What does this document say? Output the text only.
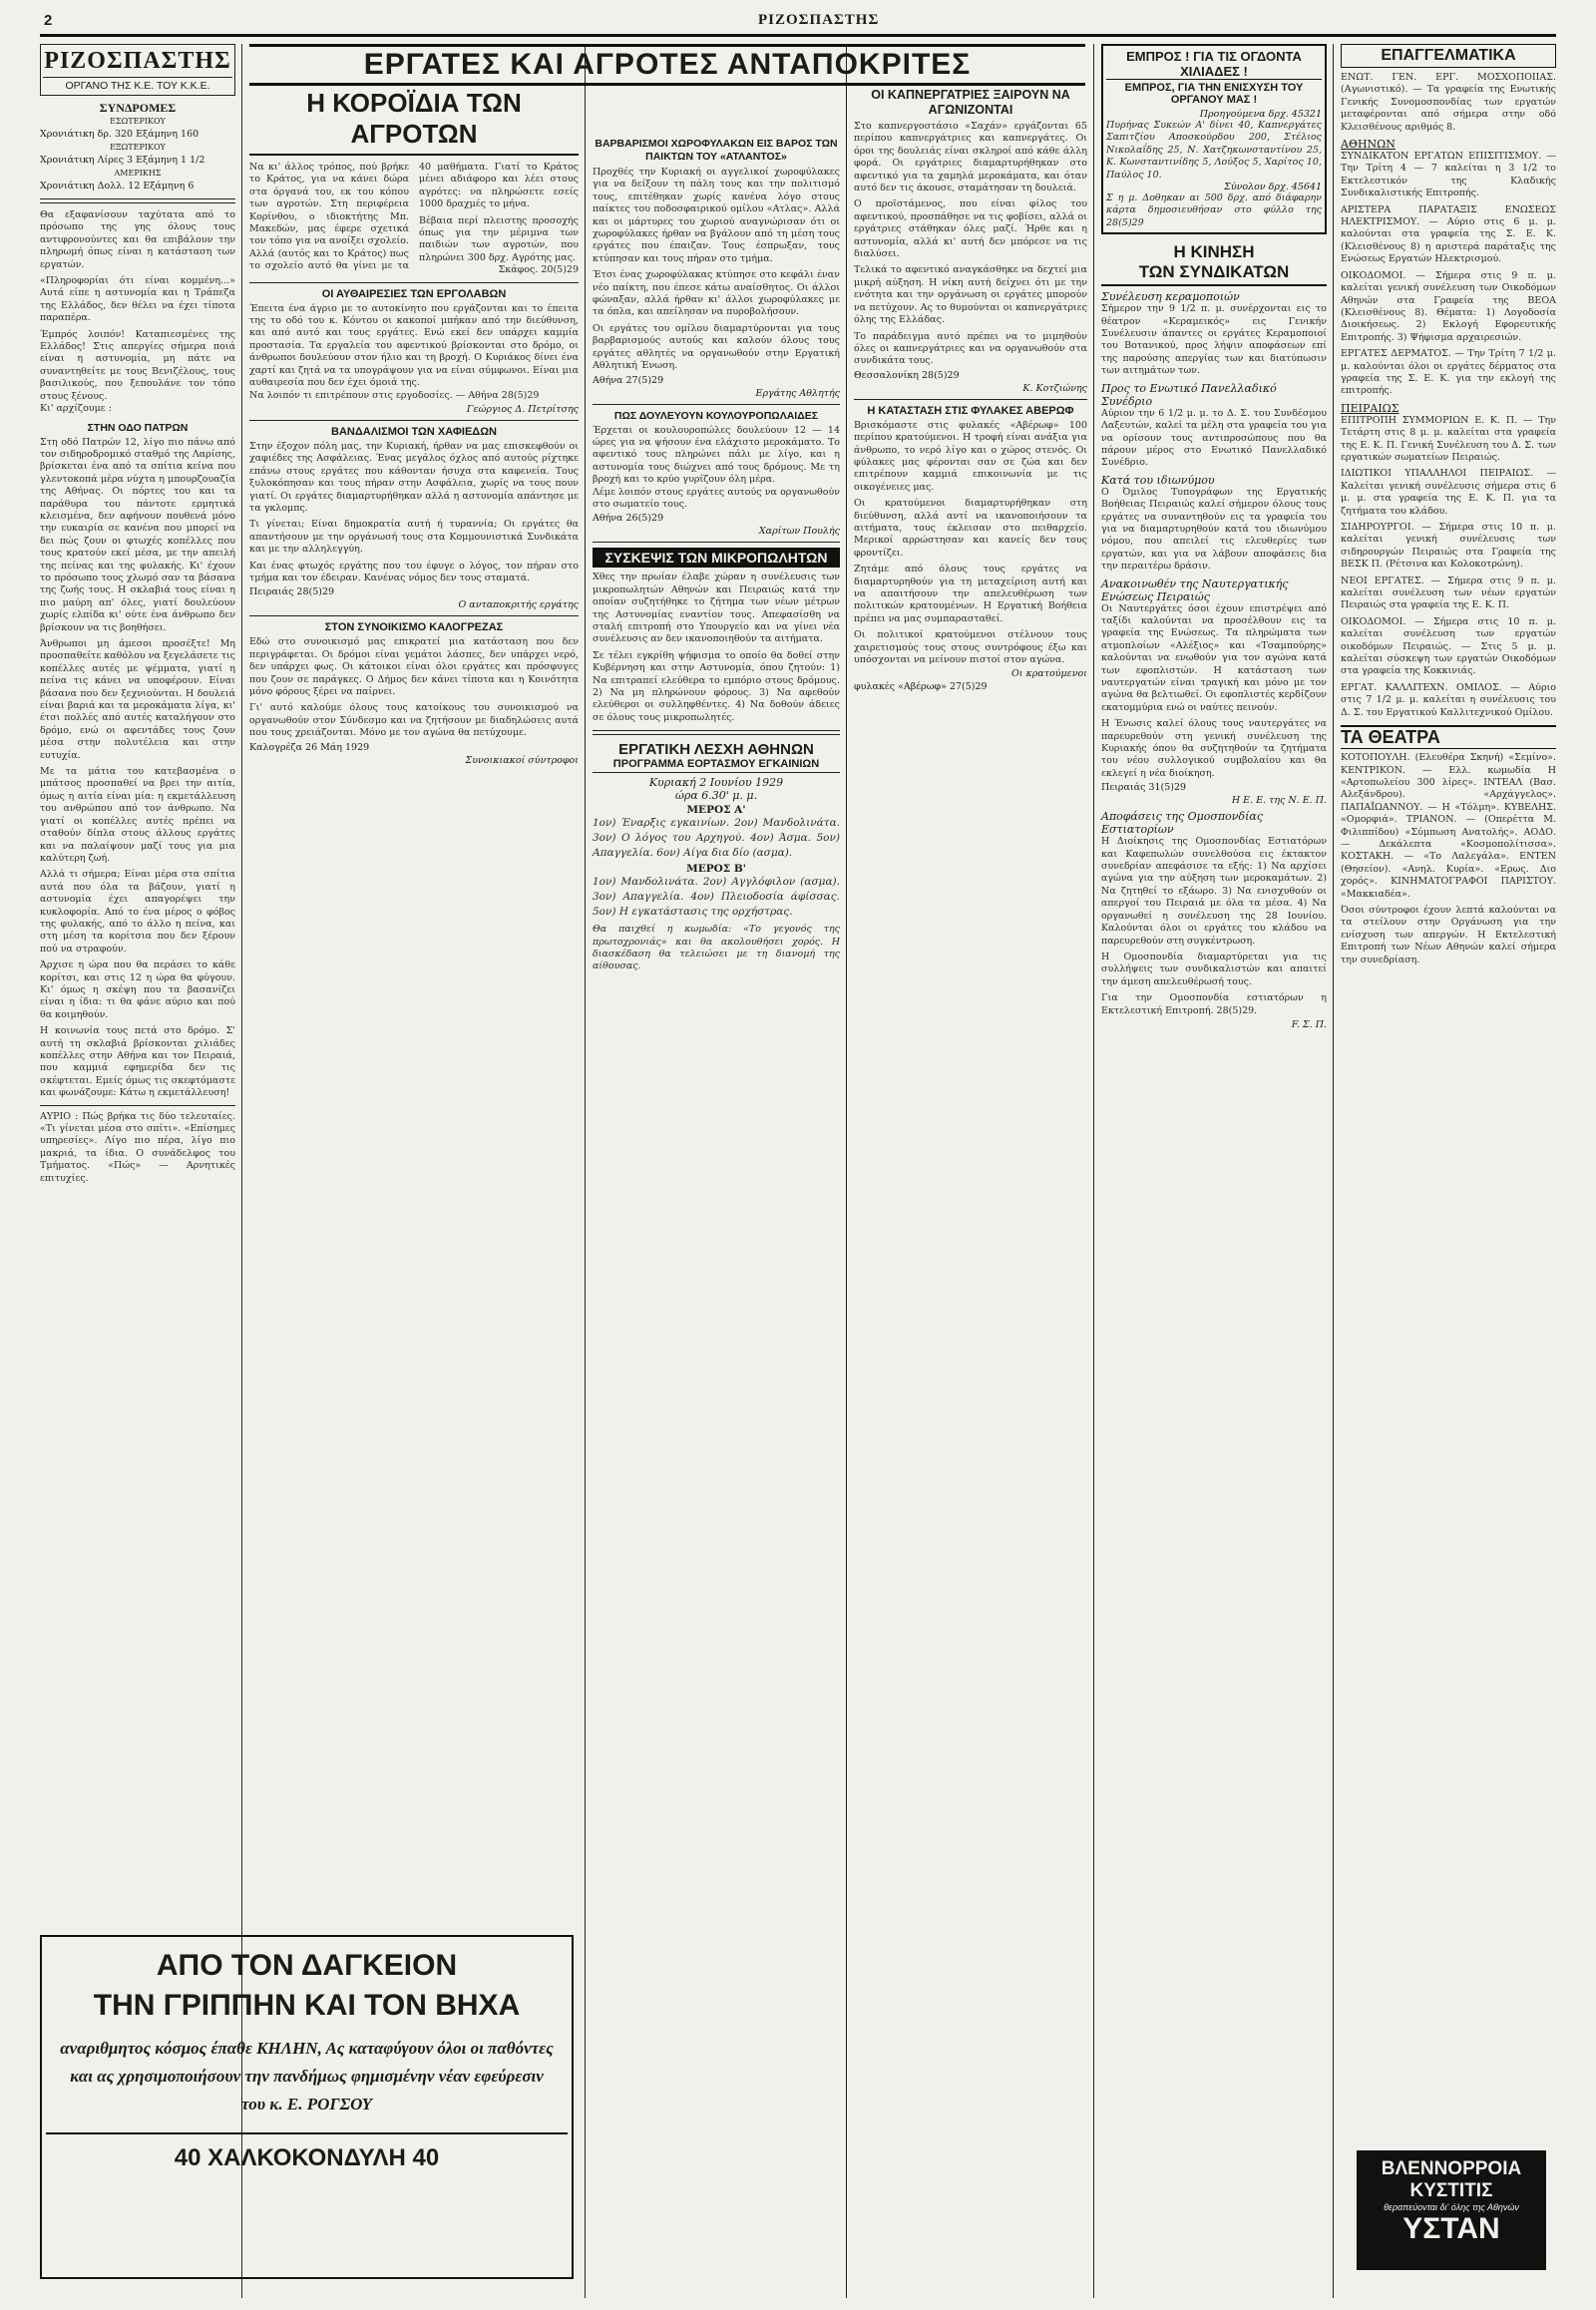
2	ΡΙΖΟΣΠΑΣΤΗΣ
ΡΙΖΟΣΠΑΣΤΗΣ
ΟΡΓΑΝΟ ΤΗΣ Κ.Ε. ΤΟΥ Κ.Κ.Ε.
ΣΥΝΔΡΟΜΕΣ
ΕΣΩΤΕΡΙΚΟΥ
Χρονιάτικη δρ. 320 Εξάμηνη 160
ΕΞΩΤΕΡΙΚΟΥ
Χρονιάτικη Λίρες 3 Εξάμηνη 1 1/2
ΑΜΕΡΙΚΗΣ
Χρονιάτικη Δολλ. 12 Εξάμηνη 6

Θα εξαφανίσουν ταχύτατα από το πρόσωπο της γης όλους τους αντιφρονούντες και θα επιβάλουν την πληρωμή όπως είναι η κατάσταση των εργατών.

«Πληροφορίαι ότι είναι κομμένη...» Αυτά είπε η αστυνομία και η Τράπεζα της Ελλάδος, δεν θέλει να έχει τίποτα παραπέρα.

Έμπρός λοιπόν! Καταπιεσμένες της Ελλάδος! Στις απεργίες σήμερα ποιά είναι η αστυνομία, μη πάτε να συναντηθείτε με τους Βενιζέλους, τους βασιλικούς, που ξεπουλάνε τον τόπο στους ξένους.

Κι' αρχίζουμε :

ΣΤΗΝ ΟΔΟ ΠΑΤΡΩΝ

Στη οδό Πατρών 12, λίγο πιο πάνω από τον σιδηροδρομικό σταθμό της Λαρίσης, βρίσκεται ένα από τα σπίτια κείνα που γλεντοκοπά μέρα νύχτα η μπουρζουαζία της Αθήνας. Οι πόρτες του και τα παράθυρα του πάντοτε ερμητικά κλεισμένα, δεν αφήνουν πουθενά μόνο την ευκαιρία σε κανένα που μπορεί να δει πώς ζουν οι φτωχές κοπέλλες που τους κρατούν εκεί μέσα, με την απειλή της πείνας και της φυλακής. Κι' έχουν το πρόσωπο τους χλωμό σαν τα βάσανα της ζωής τους. Η σκλαβιά τους είναι η πιο μαύρη απ' όλες, γιατί δουλεύουν χωρίς ελπίδα κι' ούτε ένα άνθρωπο δεν βρίσκουν να τις βοηθήσει.

Άνθρωποι μη άμεσοι προσέξτε! Μη προσπαθείτε καθόλου να ξεγελάσετε τις κοπέλλες αυτές με ψέμματα, γιατί η πείνα τις κάνει να υποφέρουν. Είναι βάσανα που δεν ξεχνιούνται. Η δουλειά είναι βαριά και τα μεροκάματα λίγα, κι' έτσι πολλές από αυτές καταλήγουν στο δρόμο, ενώ οι αφεντάδες τους ζουν μέσα στην πολυτέλεια και στην ευτυχία.

Με τα μάτια του κατεβασμένα ο μπάτσος προσπαθεί να βρει την αιτία, όμως η αιτία είναι μία: η εκμετάλλευση του ανθρώπου από τον άνθρωπο. Να γιατί οι κοπέλλες αυτές πρέπει να σταθούν δίπλα στους άλλους εργάτες και να παλαίψουν μαζί τους για μια καλύτερη ζωή.

Αλλά τι σήμερα; Είναι μέρα στα σπίτια αυτά που όλα τα βάζουν, γιατί η αστυνομία έχει απαγορέψει την κυκλοφορία. Από το ένα μέρος ο φόβος της φυλακής, από το άλλο η πείνα, και στη μέση τα κορίτσια που δεν ξέρουν πού να στραφούν.

Άρχισε η ώρα που θα περάσει το κάθε κορίτσι, και στις 12 η ώρα θα φύγουν. Κι' όμως η σκέψη που τα βασανίζει είναι η ίδια: τι θα φάνε αύριο και πού θα κοιμηθούν.

Η κοινωνία τους πετά στο δρόμο. Σ' αυτή τη σκλαβιά βρίσκονται χιλιάδες κοπέλλες στην Αθήνα και τον Πειραιά, που καμμιά εφημερίδα δεν τις σκέφτεται. Εμείς όμως τις σκεφτόμαστε και φωνάζουμε: Κάτω η εκμετάλλευση!

ΑΥΡΙΟ : Πώς βρήκα τις δύο τελευταίες. «Τι γίνεται μέσα στο σπίτι». «Επίσημες υπηρεσίες». Λίγο πιο πέρα, λίγο πιο μακριά, τα ίδια. Ο συνάδελφος του Τμήματος. «Πώς» — Αρνητικές επιτυχίες.

ΑΠΟ ΤΟΝ ΔΑΓΚΕΙΟΝ
ΤΗΝ ΓΡΙΠΠΗΝ ΚΑΙ ΤΟΝ ΒΗΧΑ
αναριθμητος κόσμος έπαθε ΚΗΛΗΝ, Ας καταφύγουν όλοι οι παθόντες και ας χρησιμοποιήσουν την πανδήμως φημισμένην νέαν εφεύρεσιν του κ. Ε. ΡΟΓΣΟΥ
40 ΧΑΛΚΟΚΟΝΔΥΛΗ 40
ΕΡΓΑΤΕΣ ΚΑΙ ΑΓΡΟΤΕΣ ΑΝΤΑΠΟΚΡΙΤΕΣ
Η ΚΟΡΟΪΔΙΑ ΤΩΝ ΑΓΡΟΤΩΝ

Να κι' άλλος τρόπος, πού βρήκε το Κράτος, για να κάνει δώρα στα όργανά του, εκ του κόπου των αγροτών. Στη περιφέρεια Κορίνθου, ο ιδιοκτήτης Μπ. Μακεδών, μας έφερε σχετικά τον τόπο για να ανοίξει σχολείο. Αλλά (αυτός και το Κράτος) πως το σχολείο αυτό θα γίνει με τα 40 μαθήματα. Γιατί το Κράτος μένει αδιάφορο και λέει στους αγρότες: να πληρώσετε εσείς 1000 δραχμές το μήνα.

Βέβαια περί πλειστης προσοχής όπως για την μέριμνα των παιδιών των αγροτών, που πληρώνει 300 δρχ. Αγρότης μας.

Σκάφος. 20(5)29

ΟΙ ΑΥΘΑΙΡΕΣΙΕΣ ΤΩΝ ΕΡΓΟΛΑΒΩΝ

Έπειτα ένα άγριο με το αυτοκίνητο που εργάζονται και το έπειτα της το οδό του κ. Κόντου οι κακοποί μπήκαν από την διεύθυνση, και από αυτό και τους εργάτες. Ενώ εκεί δεν υπάρχει καμμία προστασία. Τα εργαλεία του αφεντικού βρίσκονται στο δρόμο, οι άνθρωποι δουλεύουν στον ήλιο και τη βροχή. Ο Κυριάκος δίνει ένα χαρτί και ζητά να τα υπογράψουν για να είναι σύμφωνοι. Είναι μια αυθαιρεσία που δεν έχει όμοιά της.

Να λοιπόν τι επιτρέπουν στις εργοδοσίες. — Αθήνα 28(5)29

Γεώργιος Δ. Πετρίτσης
ΒΑΝΔΑΛΙΣΜΟΙ ΤΩΝ ΧΑΦΙΕΔΩΝ

Στην έξοχον πόλη μας, την Κυριακή, ήρθαν να μας επισκεφθούν οι χαφιέδες της Ασφάλειας. Ένας μεγάλος όχλος από αυτούς ρίχτηκε επάνω στους εργάτες που κάθονταν ήσυχα στα καφενεία. Τους ξυλοκόπησαν και τους πήραν στην Ασφάλεια, χωρίς να τους πουν γιατί. Οι εργάτες διαμαρτυρήθηκαν αλλά η αστυνομία απάντησε με τα γκλομπς.

Τι γίνεται; Είναι δημοκρατία αυτή ή τυραννία; Οι εργάτες θα απαντήσουν με την οργάνωσή τους στα Κομμουνιστικά Συνδικάτα και με την αλληλεγγύη.

Και ένας φτωχός εργάτης που του έφυγε ο λόγος, τον πήραν στο τμήμα και τον έδειραν. Κανένας νόμος δεν τους σταματά.

Πειραιάς 28(5)29
Ο ανταποκριτής εργάτης
ΣΤΟΝ ΣΥΝΟΙΚΙΣΜΟ ΚΑΛΟΓΡΕΖΑΣ

Εδώ στο συνοικισμό μας επικρατεί μια κατάσταση που δεν περιγράφεται. Οι δρόμοι είναι γεμάτοι λάσπες, δεν υπάρχει νερό, δεν υπάρχει φως. Οι κάτοικοι είναι όλοι εργάτες και πρόσφυγες που ζουν σε παράγκες. Ο Δήμος δεν κάνει τίποτα και η Κοινότητα μόνο φόρους ξέρει να παίρνει.

Γι' αυτό καλούμε όλους τους κατοίκους του συνοικισμού να οργανωθούν στον Σύνδεσμο και να ζητήσουν με διαδηλώσεις αυτά που τους χρειάζονται. Μόνο με τον αγώνα θα πετύχουμε.

Καλογρέζα 26 Μάη 1929
Συνοικιακοί σύντροφοι
ΒΑΡΒΑΡΙΣΜΟΙ ΧΩΡΟΦΥΛΑΚΩΝ ΕΙΣ ΒΑΡΟΣ ΤΩΝ ΠΑΙΚΤΩΝ ΤΟΥ «ΑΤΛΑΝΤΟΣ»

Προχθές την Κυριακή οι αγγελικοί χωροφύλακες για να δείξουν τη πάλη τους και την πολιτισμό τους, επιτέθηκαν χωρίς κανένα λόγο στους παίκτες του ποδοσφαιρικού ομίλου «Ατλας». Αλλά και οι μάρτυρες του χωριού αναγνώρισαν ότι οι χωροφύλακες ήρθαν να βγάλουν από τη μέση τους εργάτες που έπαιζαν. Τους έσπρωξαν, τους κτύπησαν και τους πήραν στο τμήμα.

Έτσι ένας χωροφύλακας κτύπησε στο κεφάλι έναν νέο παίκτη, που έπεσε κάτω αναίσθητος. Οι άλλοι φώναξαν, αλλά ήρθαν κι' άλλοι χωροφύλακες με τα όπλα, και απείλησαν να πυροβολήσουν.

Οι εργάτες του ομίλου διαμαρτύρονται για τους βαρβαρισμούς αυτούς και καλούν όλους τους εργάτες αθλητές να οργανωθούν στην Εργατική Αθλητική Ένωση.

Αθήνα 27(5)29
Εργάτης Αθλητής
ΠΩΣ ΔΟΥΛΕΥΟΥΝ ΚΟΥΛΟΥΡΟΠΩΛΑΙΔΕΣ

Έρχεται οι κουλουροπώλες δουλεύουν 12 — 14 ώρες για να ψήσουν ένα ελάχιστο μεροκάματο. Το αφεντικό τους πληρώνει πάλι με λίγο, και η αστυνομία τους διώχνει από τους δρόμους. Με τη βροχή και το κρύο γυρίζουν όλη μέρα.

Λέμε λοιπόν στους εργάτες αυτούς να οργανωθούν στο σωματείο τους.

Αθήνα 26(5)29
Χαρίτων Πουλής
ΣΥΣΚΕΨΙΣ ΤΩΝ ΜΙΚΡΟΠΩΛΗΤΩΝ

Χθες την πρωίαν έλαβε χώραν η συνέλευσις των μικροπωλητών Αθηνών και Πειραιώς κατά την οποίαν συζητήθηκε το ζήτημα των νέων μέτρων της Αστυνομίας εναντίον τους. Απεφασίσθη να σταλή επιτροπή στο Υπουργείο και να γίνει νέα συνέλευσις αν δεν ικανοποιηθούν τα αιτήματα.

Σε τέλει εγκρίθη ψήφισμα το οποίο θα δοθεί στην Κυβέρνηση και στην Αστυνομία, όπου ζητούν: 1) Να επιτραπεί ελεύθερα το εμπόριο στους δρόμους. 2) Να μη πληρώνουν φόρους. 3) Να αφεθούν ελεύθεροι οι συλληφθέντες. 4) Να δοθούν άδειες σε όλους τους μικροπωλητές.

ΕΡΓΑΤΙΚΗ ΛΕΣΧΗ ΑΘΗΝΩΝ
ΠΡΟΓΡΑΜΜΑ ΕΟΡΤΑΣΜΟΥ ΕΓΚΑΙΝΙΩΝ
Κυριακή 2 Ιουνίου 1929
ώρα 6.30' μ. μ.
ΜΕΡΟΣ Α'

1ον) Έναρξις εγκαινίων. 2ον) Μανδολινάτα. 3ον) Ο λόγος του Αρχηγού. 4ον) Άσμα. 5ον) Απαγγελία. 6ον) Αίγα δια δίο (ασμα).

ΜΕΡΟΣ Β'

1ον) Μανδολινάτα. 2ον) Αγγλόφιλον (ασμα). 3ον) Απαγγελία. 4ον) Πλειοδοσία άφίσσας. 5ον) Η εγκατάστασις της ορχήστρας.

Θα παιχθεί η κωμωδία: «Το γεγονός της πρωτοχρονιάς» και θα ακολουθήσει χορός. Η διασκέδαση θα τελειώσει με τη διανομή της αίθουσας.

ΟΙ ΚΑΠΝΕΡΓΑΤΡΙΕΣ ΞΑΙΡΟΥΝ ΝΑ ΑΓΩΝΙΖΟΝΤΑΙ

Στο καπνεργοστάσιο «Σαχάν» εργάζονται 65 περίπου καπνεργάτριες και καπνεργάτες. Οι όροι της δουλειάς είναι σκληροί από κάθε άλλη φορά. Οι εργάτριες διαμαρτυρήθηκαν στο αφεντικό για τα χαμηλά μεροκάματα, και όταν αυτό δεν τις άκουσε, σταμάτησαν τη δουλειά.

Ο προϊστάμενος, που είναι φίλος του αφεντικού, προσπάθησε να τις φοβίσει, αλλά οι εργάτριες στάθηκαν όλες μαζί. Ήρθε και η αστυνομία, αλλά κι' αυτή δεν μπόρεσε να τις διαλύσει.

Τελικά το αφεντικό αναγκάσθηκε να δεχτεί μια μικρή αύξηση. Η νίκη αυτή δείχνει ότι με την ενότητα και την οργάνωση οι εργάτες μπορούν να πετύχουν. Ας το θυμούνται οι καπνεργάτριες όλης της Ελλάδας.

Το παράδειγμα αυτό πρέπει να το μιμηθούν όλες οι καπνεργάτριες και να οργανωθούν στα συνδικάτα τους.

Θεσσαλονίκη 28(5)29
Κ. Κοτζιώνης
Η ΚΑΤΑΣΤΑΣΗ ΣΤΙΣ ΦΥΛΑΚΕΣ ΑΒΕΡΩΦ

Βρισκόμαστε στις φυλακές «Αβέρωφ» 100 περίπου κρατούμενοι. Η τροφή είναι ανάξια για άνθρωπο, το νερό λίγο και ο χώρος στενός. Οι φύλακες μας φέρονται σαν σε ζώα και δεν επιτρέπουν καμμιά επικοινωνία με τις οικογένειες μας.

Οι κρατούμενοι διαμαρτυρήθηκαν στη διεύθυνση, αλλά αντί να ικανοποιήσουν τα αιτήματα, τους έκλεισαν στο πειθαρχείο. Μερικοί αρρώστησαν και κανείς δεν τους φροντίζει.

Ζητάμε από όλους τους εργάτες να διαμαρτυρηθούν για τη μεταχείριση αυτή και να απαιτήσουν την απελευθέρωση των πολιτικών κρατουμένων. Η Εργατική Βοήθεια πρέπει να μας συμπαρασταθεί.

Οι πολιτικοί κρατούμενοι στέλνουν τους χαιρετισμούς τους στους συντρόφους έξω και υπόσχονται να μείνουν πιστοί στον αγώνα.

Οι κρατούμενοι
φυλακές «Αβέρωφ» 27(5)29
ΕΜΠΡΟΣ ! ΓΙΑ ΤΙΣ ΟΓΔΟΝΤΑ ΧΙΛΙΑΔΕΣ !
ΕΜΠΡΟΣ, ΓΙΑ ΤΗΝ ΕΝΙΣΧΥΣΗ ΤΟΥ ΟΡΓΑΝΟΥ ΜΑΣ !
Προηγούμενα δρχ. 45321

Πυρήνας Συκεών Α' δίνει 40, Καπνεργάτες Σαπιτζίου Αποσκούρδου 200, Στέλιος Νικολαΐδης 25, Ν. Χατζηκωνσταντίνου 25, Κ. Κωνσταντινίδης 5, Λούξος 5, Χαρίτος 10, Παύλος 10.

Σύνολον δρχ. 45641

Σ η μ. Δοθηκαν αι 500 δρχ. από διάφαρην κάρτα δημοσιευθήσαν στο φύλλο της 28(5)29

Η ΚΙΝΗΣΗ
ΤΩΝ ΣΥΝΔΙΚΑΤΩΝ
Συνέλευση κεραμοποιών

Σήμερον την 9 1/2 π. μ. συνέρχονται εις το θέατρον «Κεραμεικός» εις Γενικήν Συνέλευσιν άπαντες οι εργάτες Κεραμοποιοί του Βοτανικού, προς λήψιν αποφάσεων επί της παρούσης απεργίας των και διατύπωσιν των αιτημάτων των.

Προς το Ενωτικό Πανελλαδικό Συνέδριο

Αύριον την 6 1/2 μ. μ. το Δ. Σ. του Συνδέσμου Λαξευτών, καλεί τα μέλη στα γραφεία του για να ορίσουν τους αντιπροσώπους που θα πάρουν μέρος στο Ενωτικό Πανελλαδικό Συνέδριο.

Κατά του ιδιωνύμου

Ο Όμιλος Τυπογράφων της Εργατικής Βοήθειας Πειραιώς καλεί σήμερον όλους τους εργάτες να συναντηθούν εις τα γραφεία του για να διαμαρτυρηθούν κατά του ιδιωνύμου νόμου, που απειλεί τις ελευθερίες των εργατών, και για να λάβουν αποφάσεις δια την περαιτέρω δράσιν.

Ανακοινωθέν της Ναυτεργατικής Ενώσεως Πειραιώς

Οι Ναυτεργάτες όσοι έχουν επιστρέψει από ταξίδι καλούνται να προσέλθουν εις τα γραφεία της Ενώσεως. Τα πληρώματα των ατμοπλοίων «Αλέξιος» και «Τσαμπούρης» καλούνται να ενωθούν για τον αγώνα κατά των εφοπλιστών. Η κατάσταση των ναυτεργατών είναι τραγική και μόνο με τον αγώνα θα βελτιωθεί. Οι εφοπλιστές κερδίζουν εκατομμύρια ενώ οι ναύτες πεινούν.

Η Ένωσις καλεί όλους τους ναυτεργάτες να παρευρεθούν στη γενική συνέλευση της Κυριακής όπου θα συζητηθούν τα ζητήματα του νέου συλλογικού συμβολαίου και θα εκλεγεί η νέα διοίκηση.

Πειραιάς 31(5)29
Η Ε. Ε. της Ν. Ε. Π.
Αποφάσεις της Ομοσπονδίας Εστιατορίων

Η Διοίκησις της Ομοσπονδίας Εστιατόρων και Καφεπωλών συνελθούσα εις έκτακτον συνεδρίαν απεφάσισε τα εξής: 1) Να αρχίσει αγώνα για την αύξηση των μεροκαμάτων. 2) Να ζητηθεί το εξάωρο. 3) Να ενισχυθούν οι απεργοί του Πειραιά με όλα τα μέσα. 4) Να οργανωθεί η συνέλευση της 28 Ιουνίου. Καλούνται όλοι οι εργάτες του κλάδου να παρευρεθούν στη συγκέντρωση.

Η Ομοσπονδία διαμαρτύρεται για τις συλλήψεις των συνδικαλιστών και απαιτεί την άμεση απελευθέρωσή τους.

Για την Ομοσπονδία εστιατόρων η Εκτελεστική Επιτροπή. 28(5)29.

F. Σ. Π.
ΕΠΑΓΓΕΛΜΑΤΙΚΑ

ΕΝΩΤ. ΓΕΝ. ΕΡΓ. ΜΟΣΧΟΠΟΙΙΑΣ. (Αγωνιστικό). — Τα γραφεία της Ενωτικής Γενικής Συνομοσπονδίας των εργατών μεταφέρονται από σήμερα στην οδό Κλεισθένους αριθμός 8.

ΑΘΗΝΩΝ

ΣΥΝΔΙΚΑΤΟΝ ΕΡΓΑΤΩΝ ΕΠΙΣΙΤΙΣΜΟΥ. — Την Τρίτη 4 — 7 καλείται η 3 1/2 το Εκτελεστικόν της Κλαδικής Συνδικαλιστικής Επιτροπής.

ΑΡΙΣΤΕΡΑ ΠΑΡΑΤΑΞΙΣ ΕΝΩΣΕΩΣ ΗΛΕΚΤΡΙΣΜΟΥ. — Αύριο στις 6 μ. μ. καλούνται στα γραφεία της Σ. Ε. Κ. (Κλεισθένους 8) η αριστερά παράταξις της Ενώσεως Εργατών Ηλεκτρισμού.

ΟΙΚΟΔΟΜΟΙ. — Σήμερα στις 9 π. μ. καλείται γενική συνέλευση των Οικοδόμων Αθηνών στα Γραφεία της ΒΕΟΑ (Κλεισθένους 8). Θέματα: 1) Λογοδοσία Διοικήσεως. 2) Εκλογή Εφορευτικής Επιτροπής. 3) Ψήφισμα αρχαιρεσιών.

ΕΡΓΑΤΕΣ ΔΕΡΜΑΤΟΣ. — Την Τρίτη 7 1/2 μ. μ. καλούνται όλοι οι εργάτες δέρματος στα γραφεία της Σ. Ε. Κ. για την εκλογή της επιτροπής.

ΠΕΙΡΑΙΩΣ

ΕΠΙΤΡΟΠΗ ΣΥΜΜΟΡΙΩΝ Ε. Κ. Π. — Την Τετάρτη στις 8 μ. μ. καλείται στα γραφεία της Ε. Κ. Π. Γενική Συνέλευση του Δ. Σ. των εργατικών σωματείων Πειραιώς.

ΙΔΙΩΤΙΚΟΙ ΥΠΑΛΛΗΛΟΙ ΠΕΙΡΑΙΩΣ. — Καλείται γενική συνέλευσις σήμερα στις 6 μ. μ. στα γραφεία της Ε. Κ. Π. για τα ζητήματα του κλάδου.

ΣΙΔΗΡΟΥΡΓΟΙ. — Σήμερα στις 10 π. μ. καλείται γενική συνέλευσις των σιδηρουργών Πειραιώς στα Γραφεία της ΒΕΣΚ Π. (Ρέτσινα και Κολοκοτρώνη).

ΝΕΟΙ ΕΡΓΑΤΕΣ. — Σήμερα στις 9 π. μ. καλείται συνέλευση των νέων εργατών Πειραιώς στα γραφεία της Ε. Κ. Π.

ΟΙΚΟΔΟΜΟΙ. — Σήμερα στις 10 π. μ. καλείται συνέλευση των εργατών οικοδόμων Πειραιώς. — Στις 5 μ. μ. καλείται σύσκεψη των εργατών Οικοδόμων στα γραφεία της Κοκκινιάς.

ΕΡΓΑΤ. ΚΑΛΛΙΤΕΧΝ. ΟΜΙΛΟΣ. — Αύριο στις 7 1/2 μ. μ. καλείται η συνέλευσις του Δ. Σ. του Εργατικού Καλλιτεχνικού Ομίλου.

ΤΑ ΘΕΑΤΡΑ

ΚΟΤΟΠΟΥΛΗ. (Ελευθέρα Σκηνή) «Σεμίνο». ΚΕΝΤΡΙΚΟΝ. — Ελλ. κωμωδία Η «Αρτοπωλείου 300 λίρες». ΙΝΤΕΑΛ (Βασ. Αλεξάνδρου). «Αρχάγγελος». ΠΑΠΑΪΩΑΝΝΟΥ. — Η «Τόλμη». ΚΥΒΕΛΗΣ. «Ομορφιά». ΤΡΙΑΝΟΝ. — (Οπερέττα Μ. Φιλιππίδου) «Σύμπωση Ανατολής». ΑΟΔΟ. — Δεκάλεπτα «Κοσμοπολίτισσα». ΚΟΣΤΑΚΗ. — «Το Λαλεγάλα». ΕΝΤΕΝ (Θησείον). «Ανηλ. Κυρία». «Ερως. Διο χορός». ΚΙΝΗΜΑΤΟΓΡΑΦΟΙ ΠΑΡΙΣΤΟΥ. «Μακκιαδέα».

Όσοι σύντροφοι έχουν λεπτά καλούνται να τα στείλουν στην Οργάνωση για την ενίσχυση των απεργών. Η Εκτελεστική Επιτροπή των Νέων Αθηνών καλεί σήμερα την συνεδρίαση.

ΒΛΕΝΝΟΡΡΟΙΑ
ΚΥΣΤΙΤΙΣ
θεραπεύονται δι' όλης της Αθηνών
ΥΣΤΑΝ
